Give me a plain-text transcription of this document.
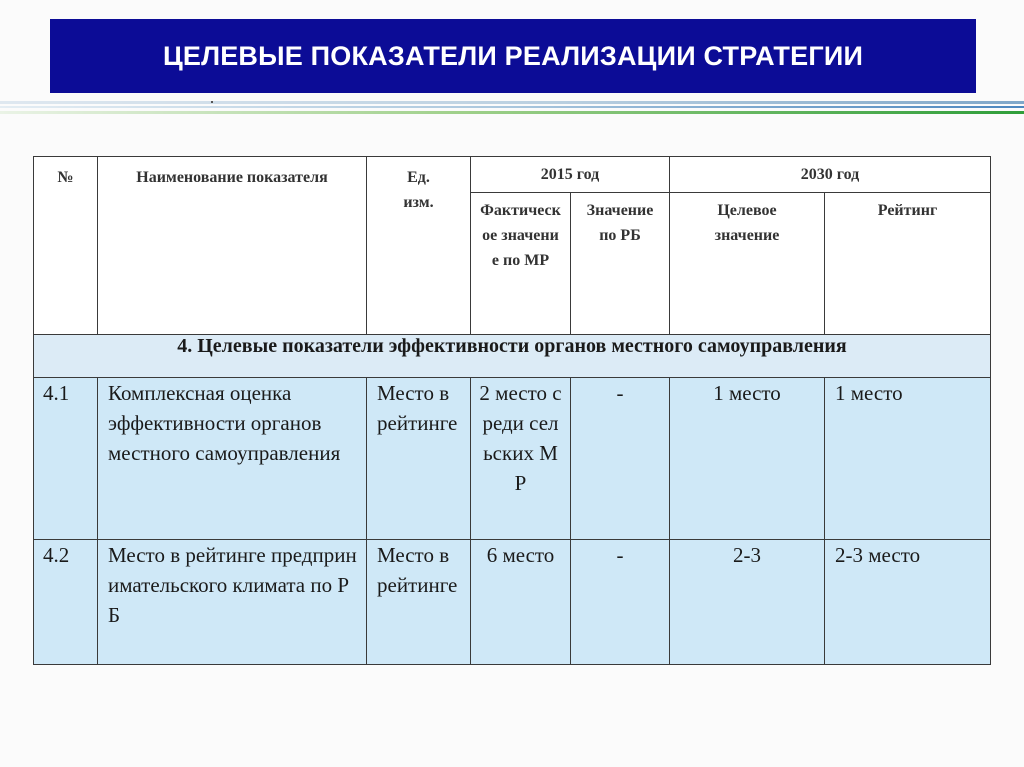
ЦЕЛЕВЫЕ ПОКАЗАТЕЛИ РЕАЛИЗАЦИИ СТРАТЕГИИ
№	Наименование показателя	Ед. изм.	2015 год		2030 год	
			Фактическое значение по МР	Значение по РБ	Целевое значение	Рейтинг
4. Целевые показатели эффективности органов местного самоуправления						
4.1	Комплексная оценка эффективности органов местного самоуправления	Место в рейтинге	2 место среди сельских МР	-	1 место	1 место
4.2	Место в рейтинге предпринимательского климата по РБ	Место в рейтинге	6 место	-	2-3	2-3 место
